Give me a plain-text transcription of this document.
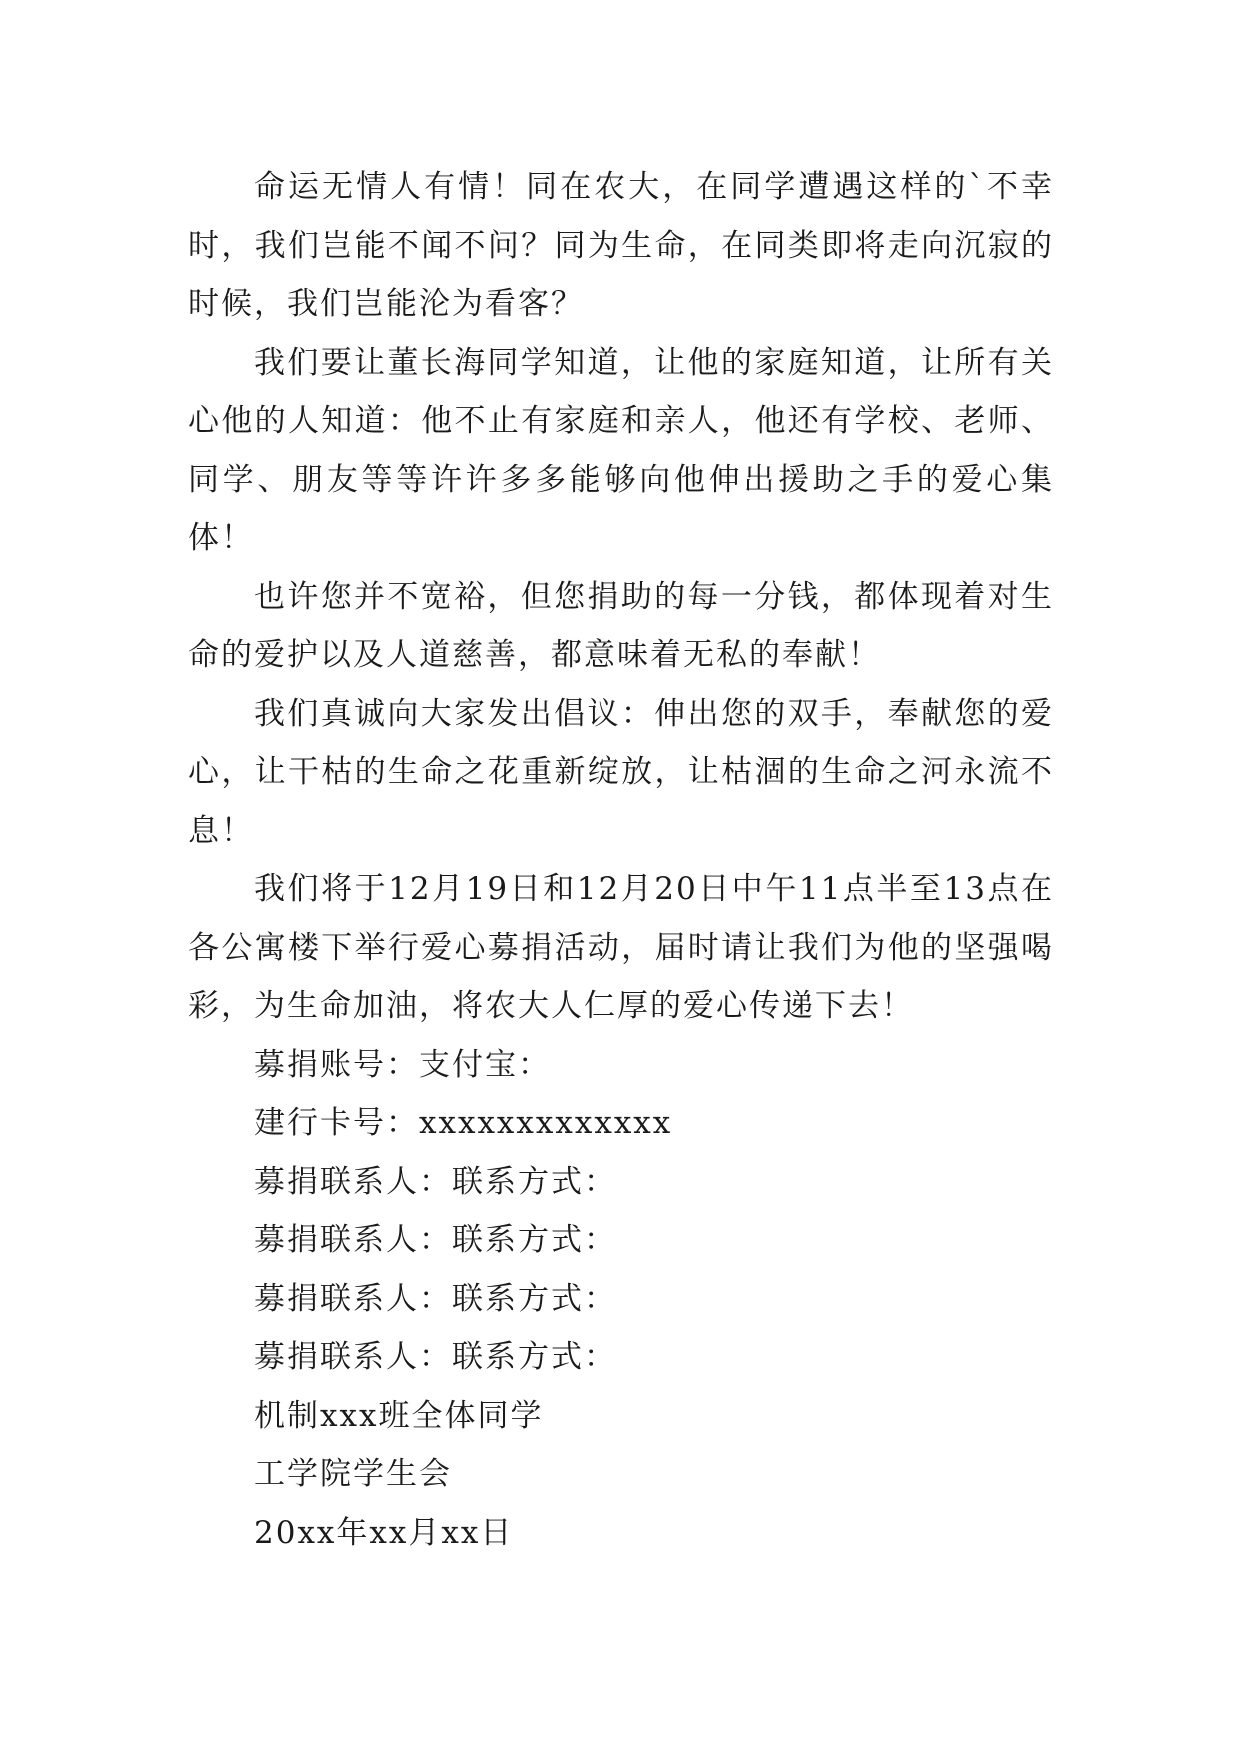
命运无情人有情！同在农大，在同学遭遇这样的`不幸时，我们岂能不闻不问？同为生命，在同类即将走向沉寂的时候，我们岂能沦为看客？

我们要让董长海同学知道，让他的家庭知道，让所有关心他的人知道：他不止有家庭和亲人，他还有学校、老师、同学、朋友等等许许多多能够向他伸出援助之手的爱心集体！

也许您并不宽裕，但您捐助的每一分钱，都体现着对生命的爱护以及人道慈善，都意味着无私的奉献！

我们真诚向大家发出倡议：伸出您的双手，奉献您的爱心，让干枯的生命之花重新绽放，让枯涸的生命之河永流不息！

我们将于12月19日和12月20日中午11点半至13点在各公寓楼下举行爱心募捐活动，届时请让我们为他的坚强喝彩，为生命加油，将农大人仁厚的爱心传递下去！

募捐账号：支付宝：

建行卡号：xxxxxxxxxxxxx

募捐联系人：联系方式：

募捐联系人：联系方式：

募捐联系人：联系方式：

募捐联系人：联系方式：

机制xxx班全体同学

工学院学生会

20xx年xx月xx日
